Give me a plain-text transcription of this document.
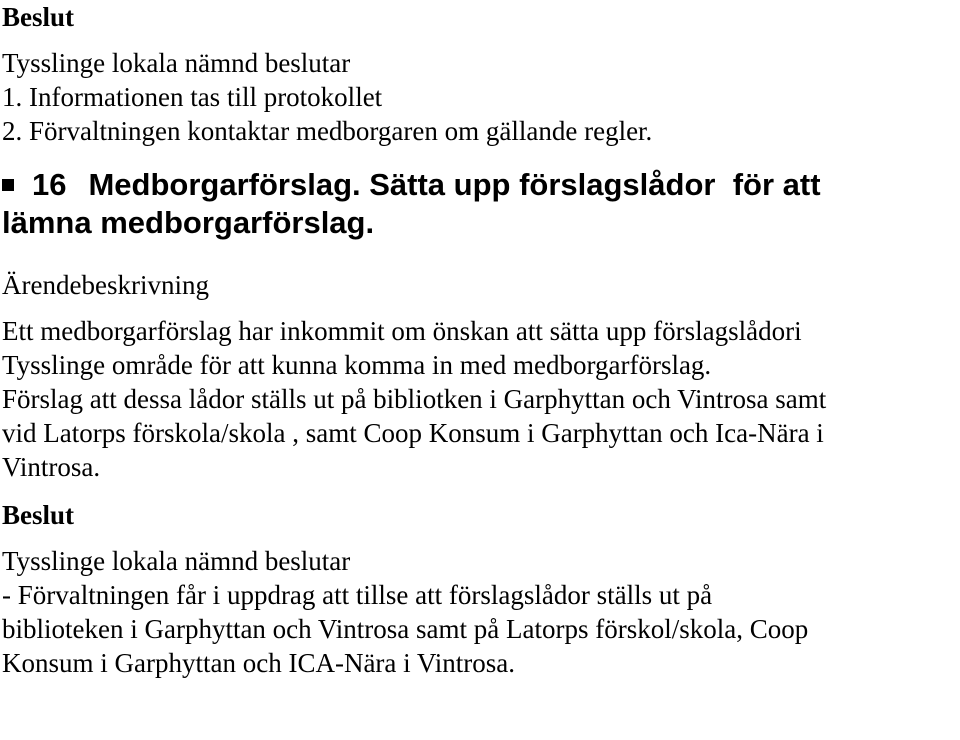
Beslut

Tysslinge lokala nämnd beslutar

1. Informationen tas till protokollet

2. Förvaltningen kontaktar medborgaren om gällande regler.

16 Medborgarförslag. Sätta upp förslagslådor  för att

lämna medborgarförslag.

Ärendebeskrivning

Ett medborgarförslag har inkommit om önskan att sätta upp förslagslådori

Tysslinge område för att kunna komma in med medborgarförslag.

Förslag att dessa lådor ställs ut på bibliotken i Garphyttan och Vintrosa samt

vid Latorps förskola/skola , samt Coop Konsum i Garphyttan och Ica-Nära i

Vintrosa.

Beslut

Tysslinge lokala nämnd beslutar

- Förvaltningen får i uppdrag att tillse att förslagslådor ställs ut på

biblioteken i Garphyttan och Vintrosa samt på Latorps förskol/skola, Coop

Konsum i Garphyttan och ICA-Nära i Vintrosa.
